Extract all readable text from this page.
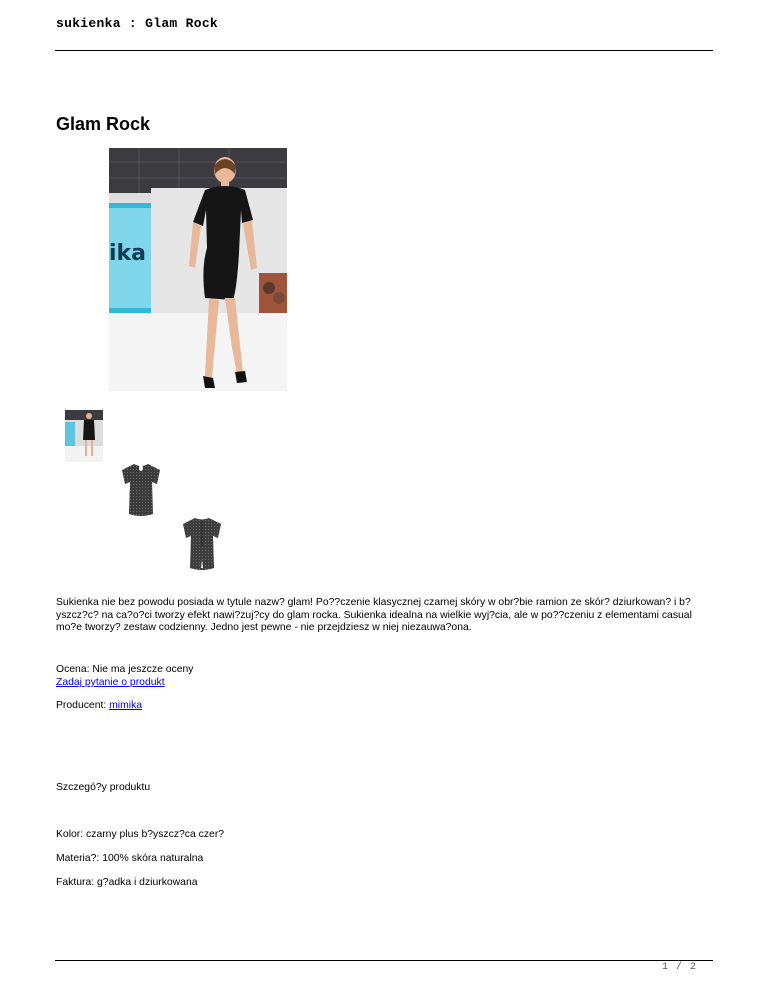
sukienka : Glam Rock
Glam Rock
ika

Sukienka nie bez powodu posiada w tytule nazw? glam! Po??czenie klasycznej czarnej skóry w obr?bie ramion ze skór? dziurkowan? i b?yszcz?c? na ca?o?ci tworzy efekt nawi?zuj?cy do glam rocka. Sukienka idealna na wielkie wyj?cia, ale w po??czeniu z elementami casual mo?e tworzy? zestaw codzienny. Jedno jest pewne - nie przejdziesz w niej niezauwa?ona.

Ocena: Nie ma jeszcze oceny

Zadaj pytanie o produkt

Producent: mimika

Szczegó?y produktu

Kolor: czarny plus b?yszcz?ca czer?

Materia?: 100% skóra naturalna

Faktura: g?adka i dziurkowana

1 / 2
